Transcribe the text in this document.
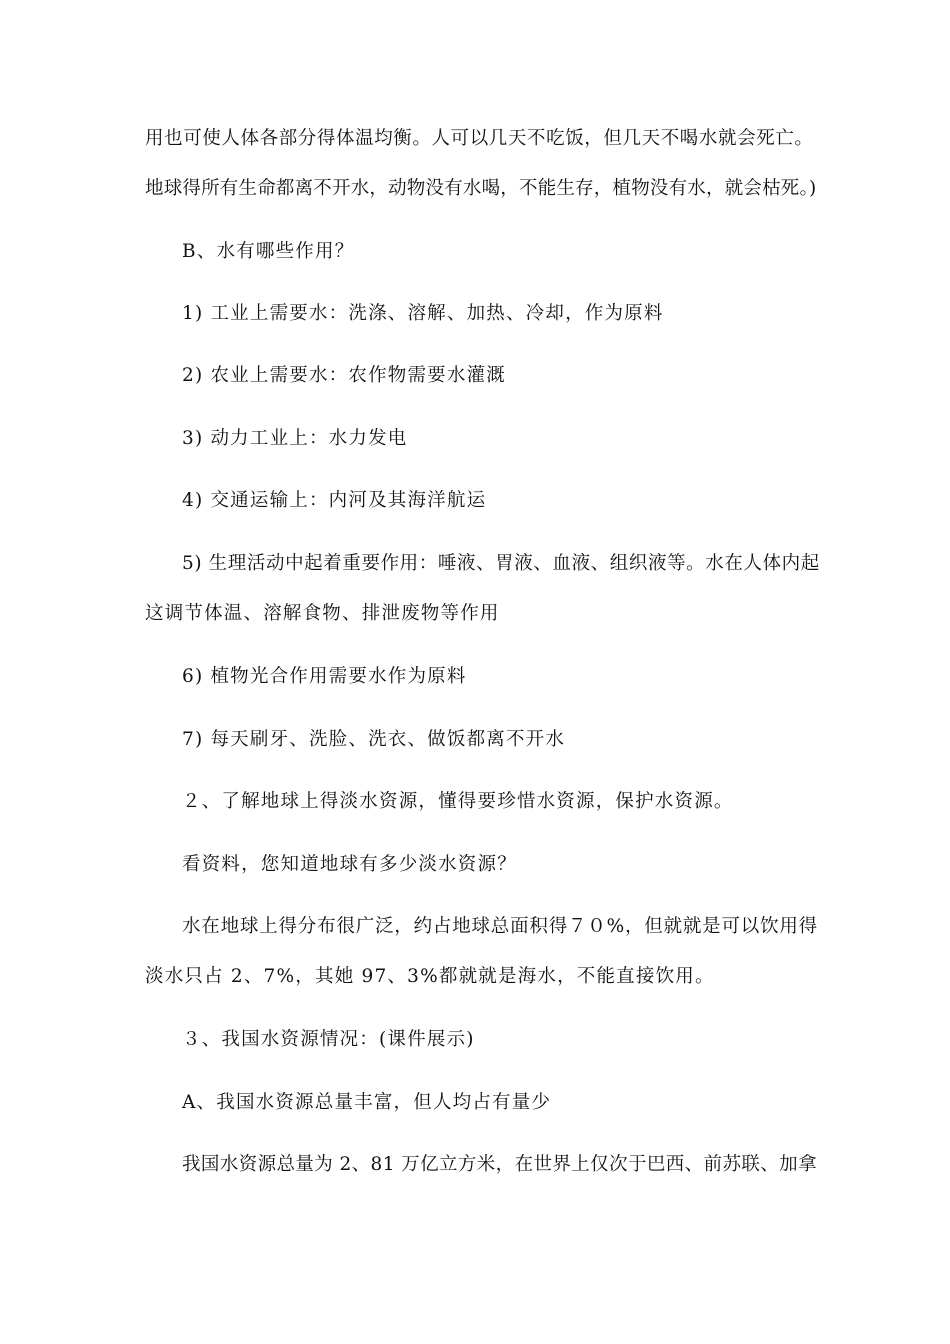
用也可使人体各部分得体温均衡。人可以几天不吃饭，但几天不喝水就会死亡。
地球得所有生命都离不开水，动物没有水喝，不能生存，植物没有水，就会枯死。)
B、水有哪些作用？
1) 工业上需要水：洗涤、溶解、加热、冷却，作为原料
2) 农业上需要水：农作物需要水灌溉
3) 动力工业上：水力发电
4) 交通运输上：内河及其海洋航运
5) 生理活动中起着重要作用：唾液、胃液、血液、组织液等。水在人体内起
这调节体温、溶解食物、排泄废物等作用
6) 植物光合作用需要水作为原料
7) 每天刷牙、洗脸、洗衣、做饭都离不开水
２、了解地球上得淡水资源，懂得要珍惜水资源，保护水资源。
看资料，您知道地球有多少淡水资源？
水在地球上得分布很广泛，约占地球总面积得７０%，但就就是可以饮用得
淡水只占 2、7%，其她 97、3%都就就是海水，不能直接饮用。
３、我国水资源情况：(课件展示)
A、我国水资源总量丰富，但人均占有量少
我国水资源总量为 2、81 万亿立方米，在世界上仅次于巴西、前苏联、加拿
